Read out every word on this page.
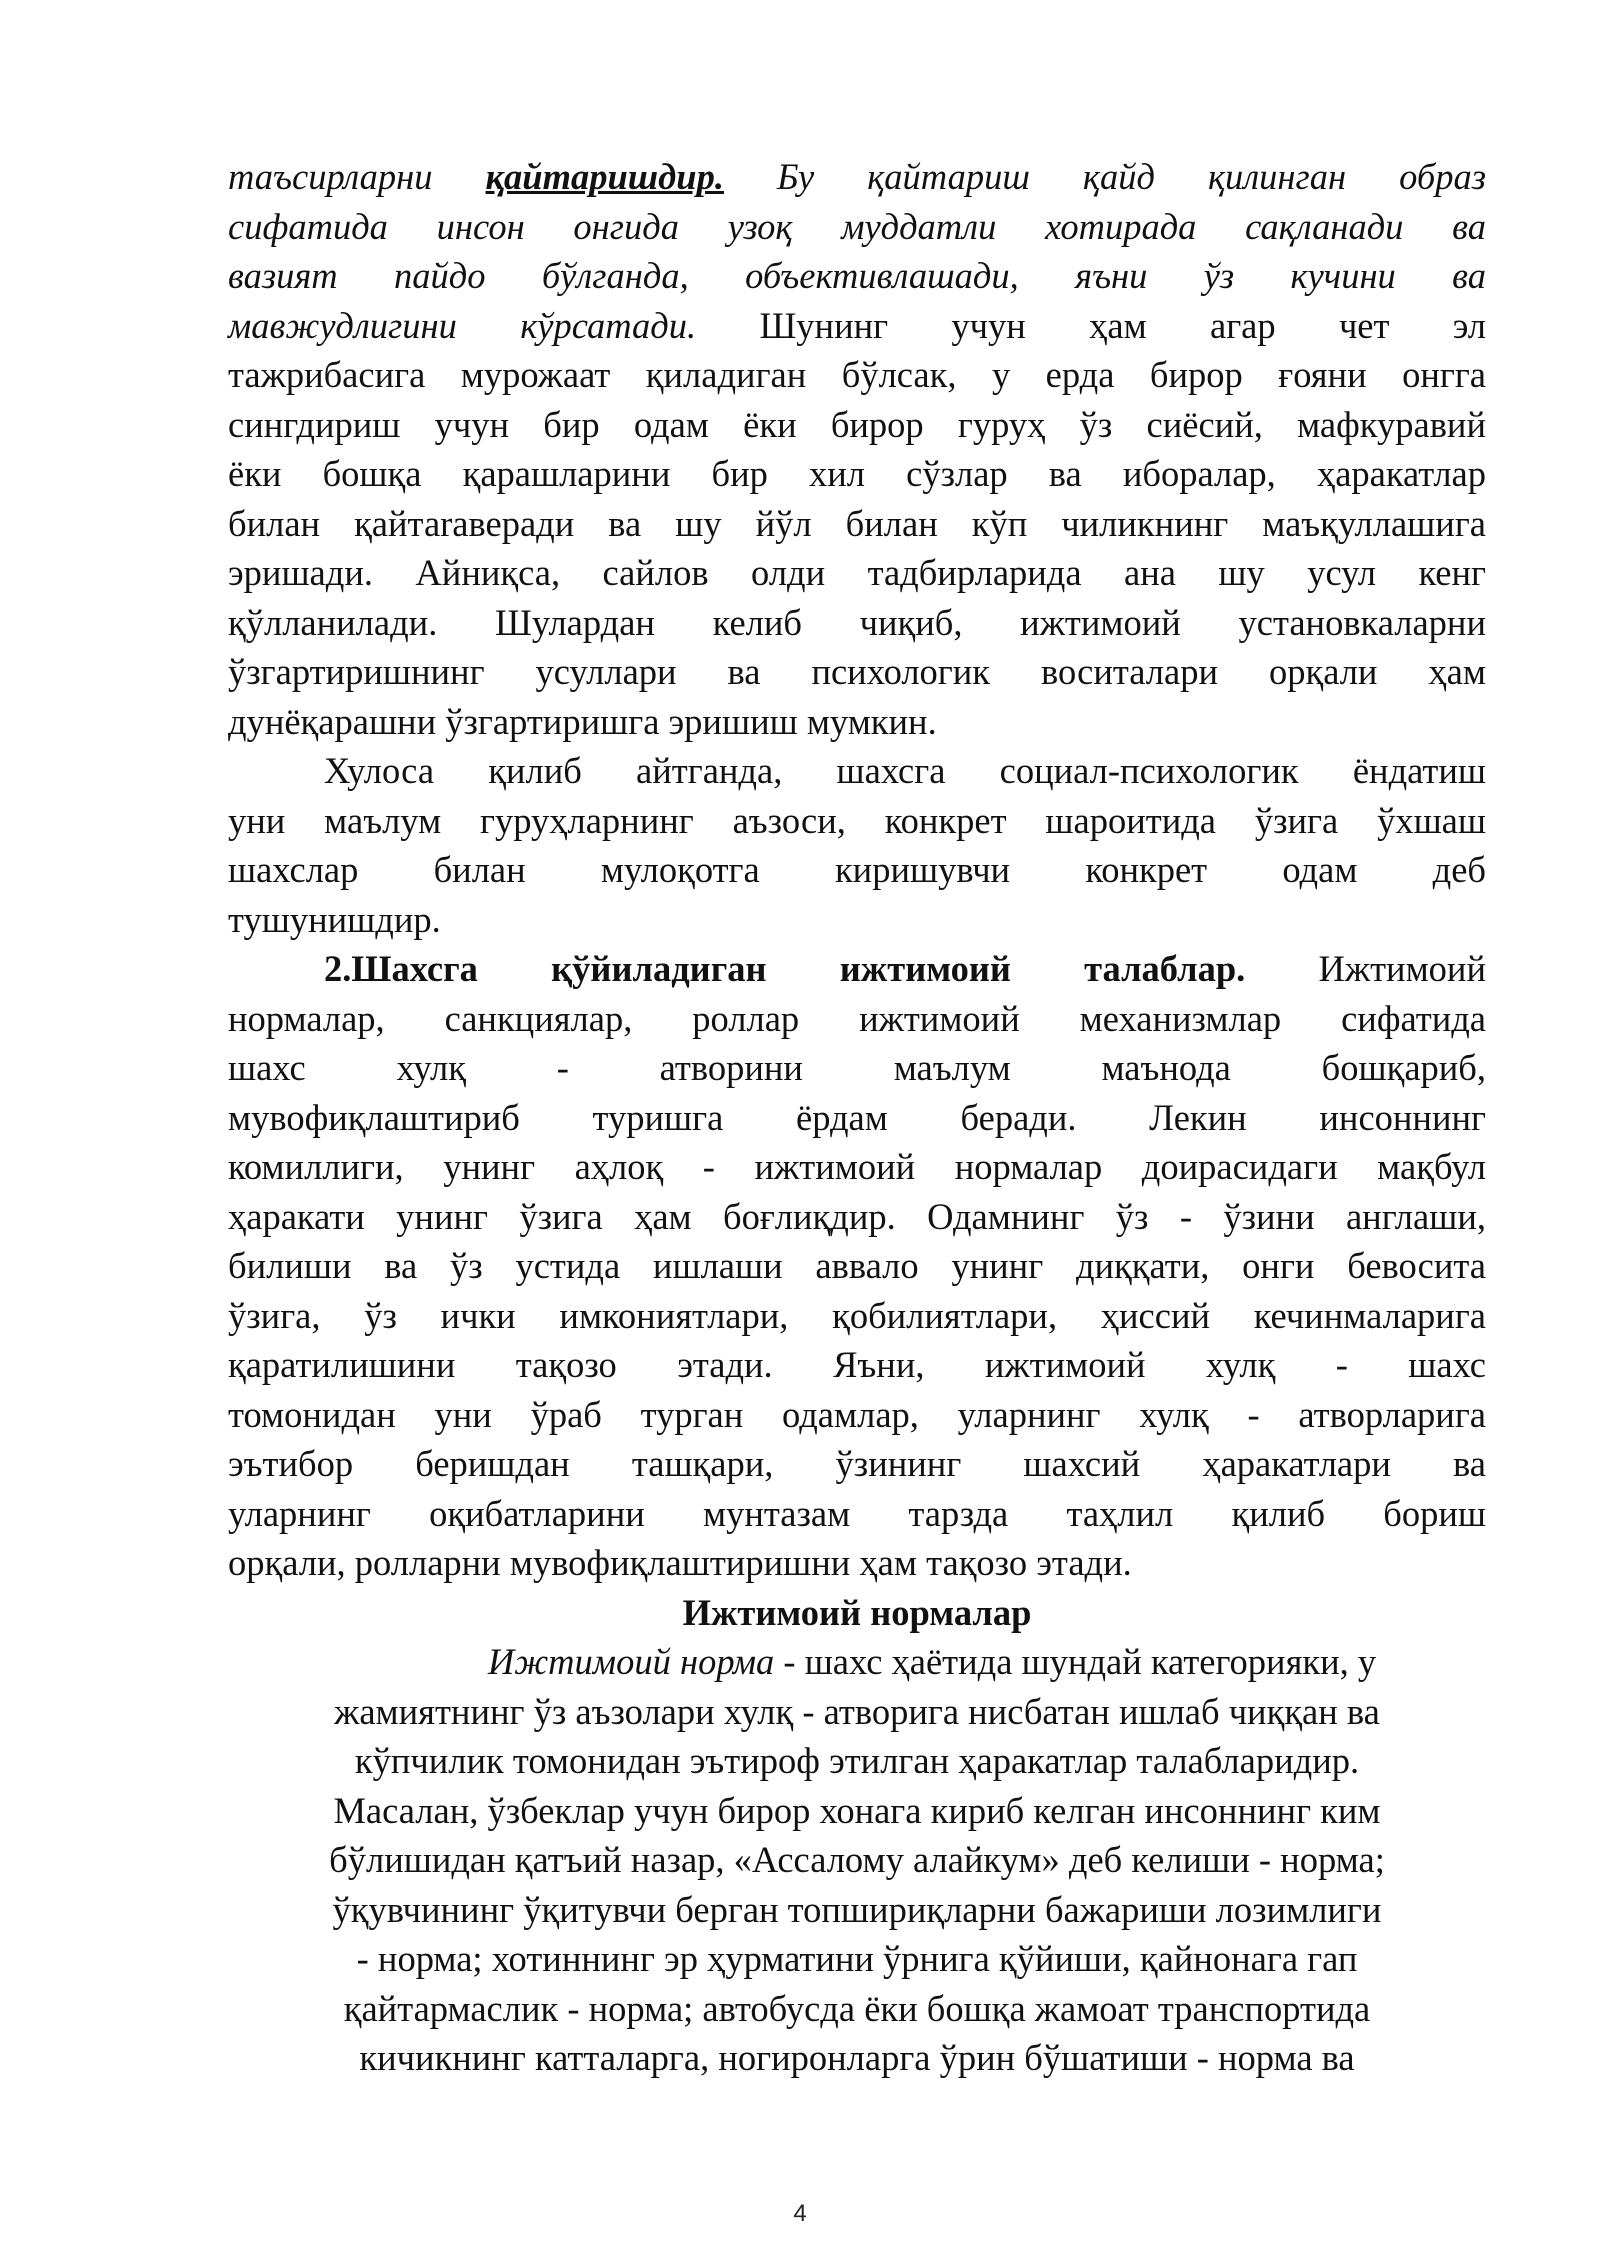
таъсирларни қайтаришдир. Бу қайтариш қайд қилинган образ
сифатида инсон онгида узоқ муддатли хотирада сақланади ва
вазият пайдо бўлганда, объективлашади, яъни ўз кучини ва
мавжудлигини кўрсатади. Шунинг учун ҳам агар чет эл
тажрибасига мурожаат қиладиган бўлсак, у ерда бирор ғояни онгга
сингдириш учун бир одам ёки бирор гуруҳ ўз сиёсий, мафкуравий
ёки бошқа қарашларини бир хил сўзлар ва иборалар, ҳаракатлар
билан қайтаraверади ва шу йўл билан кўп чиликнинг маъқуллашига
эришади. Айниқса, сайлов олди тадбирларида ана шу усул кенг
қўлланилади. Шулардан келиб чиқиб, ижтимоий установкаларни
ўзгартиришнинг усуллари ва психологик воситалари орқали ҳам
дунёқарашни ўзгартиришга эришиш мумкин.
Хулоса қилиб айтганда, шахсга социал-психологик ёндатиш
уни маълум гуруҳларнинг аъзоси, конкрет шароитида ўзига ўхшаш
шахслар билан мулоқотга киришувчи конкрет одам деб
тушунишдир.
2.Шахсга қўйиладиган ижтимоий талаблар. Ижтимоий
нормалар, санкциялар, роллар ижтимоий механизмлар сифатида
шахс хулқ - атворини маълум маънода бошқариб,
мувофиқлаштириб туришга ёрдам беради. Лекин инсоннинг
комиллиги, унинг аҳлоқ - ижтимоий нормалар доирасидаги мақбул
ҳаракати унинг ўзига ҳам боғлиқдир. Одамнинг ўз - ўзини англаши,
билиши ва ўз устида ишлаши аввало унинг диққати, онги бевосита
ўзига, ўз ички имкониятлари, қобилиятлари, ҳиссий кечинмаларига
қаратилишини тақозо этади. Яъни, ижтимоий хулқ - шахс
томонидан уни ўраб турган одамлар, уларнинг хулқ - атворларига
эътибор беришдан ташқари, ўзининг шахсий ҳаракатлари ва
уларнинг оқибатларини мунтазам тарзда таҳлил қилиб бориш
орқали, ролларни мувофиқлаштиришни ҳам тақозо этади.
Ижтимоий нормалар
Ижтимоий норма - шахс ҳаётида шундай категорияки, у
жамиятнинг ўз аъзолари хулқ - атворига нисбатан ишлаб чиққан ва
кўпчилик томонидан эътироф этилган ҳаракатлар талабларидир.
Масалан, ўзбеклар учун бирор хонага кириб келган инсоннинг ким
бўлишидан қатъий назар, «Ассалому алайкум» деб келиши - норма;
ўқувчининг ўқитувчи берган топшириқларни бажариши лозимлиги
- норма; хотиннинг эр ҳурматини ўрнига қўйиши, қайнонага гап
қайтармаслик - норма; автобусда ёки бошқа жамоат транспортида
кичикнинг катталарга, ногиронларга ўрин бўшатиши - норма ва
4
